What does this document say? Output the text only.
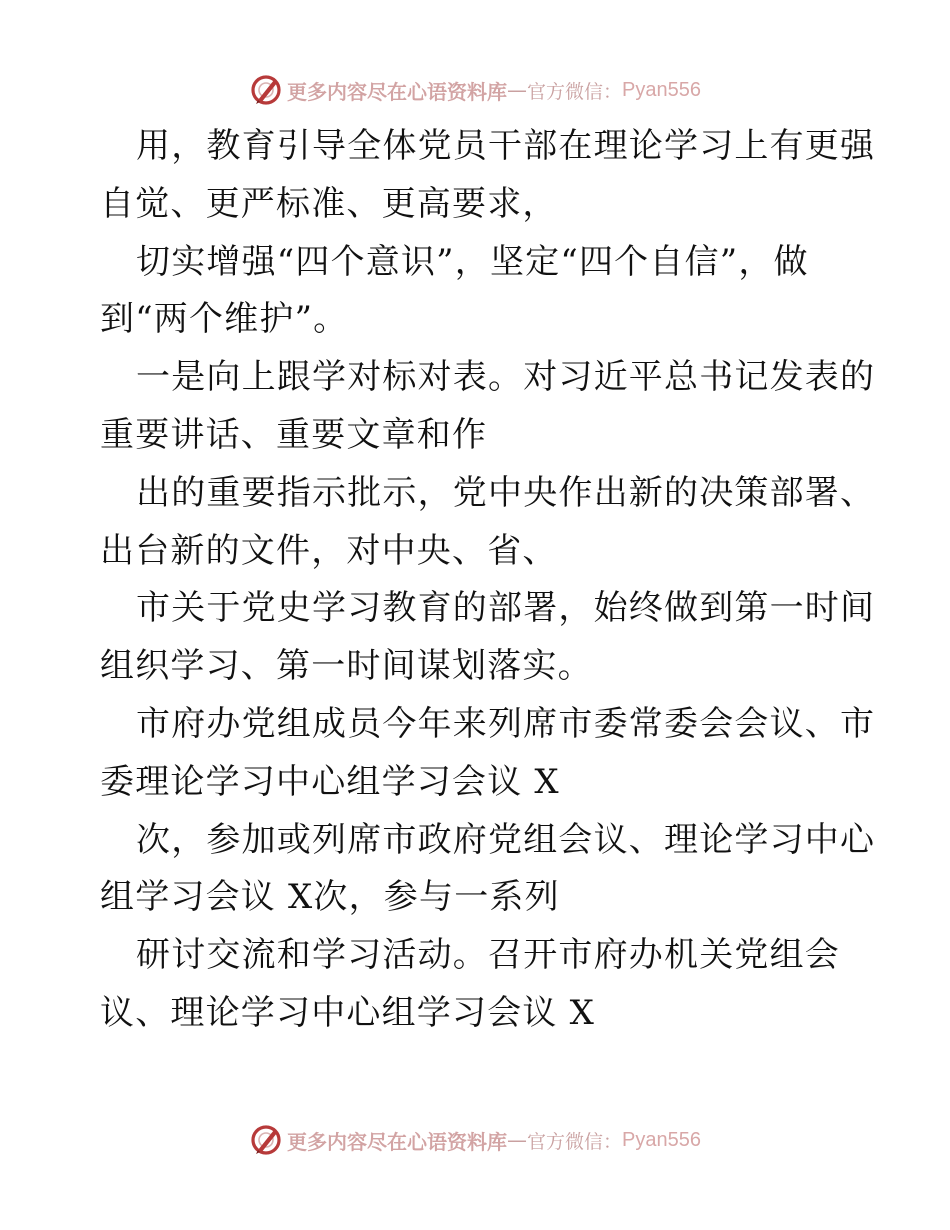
更多内容尽在心语资料库 — 官方微信： Pyan556
用，教育引导全体党员干部在理论学习上有更强
自觉、更严标准、更高要求，
切实增强“四个意识”，坚定“四个自信”，做
到“两个维护”。
一是向上跟学对标对表。对习近平总书记发表的
重要讲话、重要文章和作
出的重要指示批示，党中央作出新的决策部署、
出台新的文件，对中央、省、
市关于党史学习教育的部署，始终做到第一时间
组织学习、第一时间谋划落实。
市府办党组成员今年来列席市委常委会会议、市
委理论学习中心组学习会议 X
次，参加或列席市政府党组会议、理论学习中心
组学习会议 X次，参与一系列
研讨交流和学习活动。召开市府办机关党组会
议、理论学习中心组学习会议 X
更多内容尽在心语资料库 — 官方微信： Pyan556
